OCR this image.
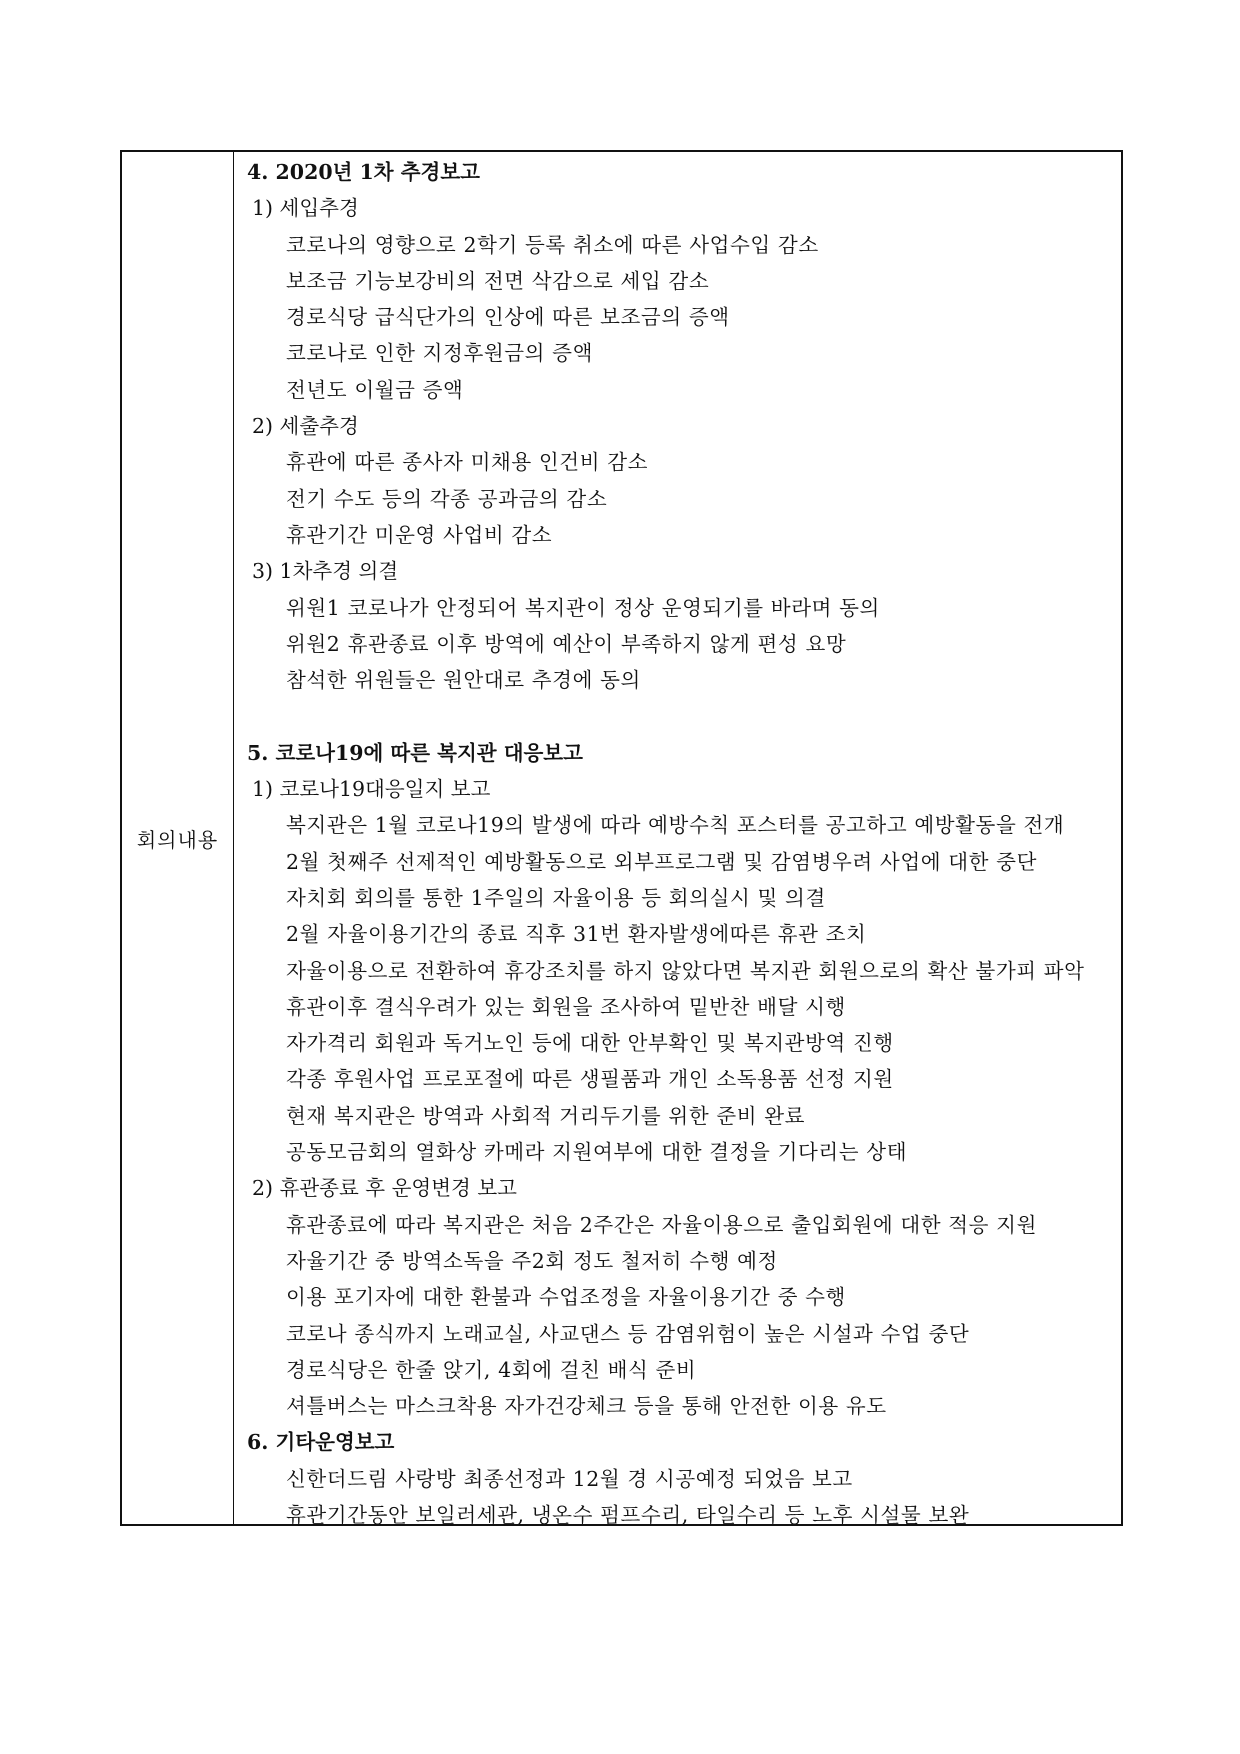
회의내용
4. 2020년 1차 추경보고
1) 세입추경
코로나의 영향으로 2학기 등록 취소에 따른 사업수입 감소
보조금 기능보강비의 전면 삭감으로 세입 감소
경로식당 급식단가의 인상에 따른 보조금의 증액
코로나로 인한 지정후원금의 증액
전년도 이월금 증액
2) 세출추경
휴관에 따른 종사자 미채용 인건비 감소
전기 수도 등의 각종 공과금의 감소
휴관기간 미운영 사업비 감소
3) 1차추경 의결
위원1 코로나가 안정되어 복지관이 정상 운영되기를 바라며 동의
위원2 휴관종료 이후 방역에 예산이 부족하지 않게 편성 요망
참석한 위원들은 원안대로 추경에 동의
5. 코로나19에 따른 복지관 대응보고
1) 코로나19대응일지 보고
복지관은 1월 코로나19의 발생에 따라 예방수칙 포스터를 공고하고 예방활동을 전개
2월 첫째주 선제적인 예방활동으로 외부프로그램 및 감염병우려 사업에 대한 중단
자치회 회의를 통한 1주일의 자율이용 등 회의실시 및 의결
2월 자율이용기간의 종료 직후 31번 환자발생에따른 휴관 조치
자율이용으로 전환하여 휴강조치를 하지 않았다면 복지관 회원으로의 확산 불가피 파악
휴관이후 결식우려가 있는 회원을 조사하여 밑반찬 배달 시행
자가격리 회원과 독거노인 등에 대한 안부확인 및 복지관방역 진행
각종 후원사업 프로포절에 따른 생필품과 개인 소독용품 선정 지원
현재 복지관은 방역과 사회적 거리두기를 위한 준비 완료
공동모금회의 열화상 카메라 지원여부에 대한 결정을 기다리는 상태
2) 휴관종료 후 운영변경 보고
휴관종료에 따라 복지관은 처음 2주간은 자율이용으로 출입회원에 대한 적응 지원
자율기간 중 방역소독을 주2회 정도 철저히 수행 예정
이용 포기자에 대한 환불과 수업조정을 자율이용기간 중 수행
코로나 종식까지 노래교실, 사교댄스 등 감염위험이 높은 시설과 수업 중단
경로식당은 한줄 앉기, 4회에 걸친 배식 준비
셔틀버스는 마스크착용 자가건강체크 등을 통해 안전한 이용 유도
6. 기타운영보고
신한더드림 사랑방 최종선정과 12월 경 시공예정 되었음 보고
휴관기간동안 보일러세관, 냉온수 펌프수리, 타일수리 등 노후 시설물 보완
